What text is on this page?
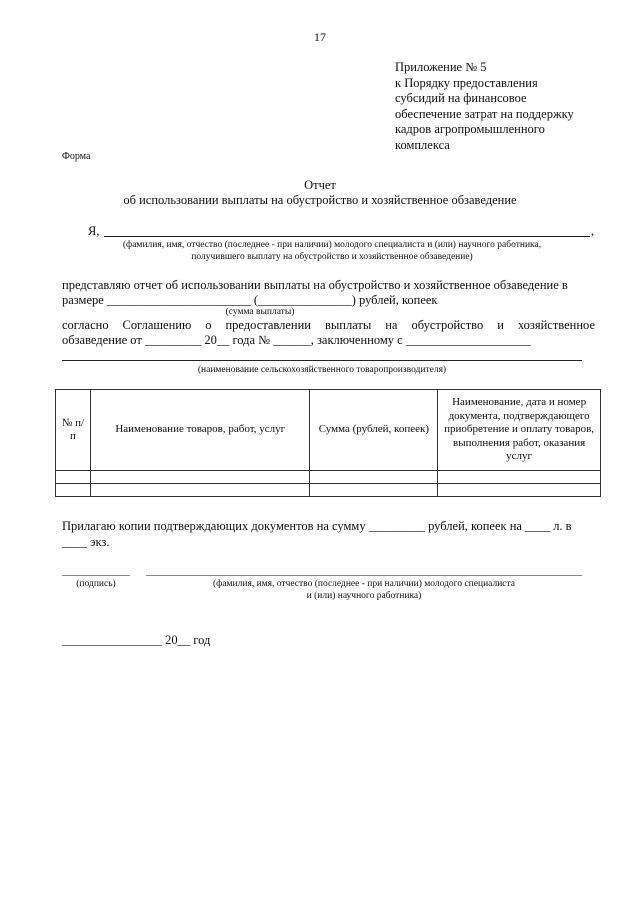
17
Приложение № 5
к Порядку предоставления
субсидий на финансовое
обеспечение затрат на поддержку
кадров агропромышленного
комплекса
Форма
Отчет
об использовании выплаты на обустройство и хозяйственное обзаведение
Я,	,
(фамилия, имя, отчество (последнее - при наличии) молодого специалиста и (или) научного работника,
получившего выплату на обустройство и хозяйственное обзаведение)
представляю отчет об использовании выплаты на обустройство и хозяйственное обзаведение в
размере _______________________ (_______________) рублей, копеек
(сумма выплаты)
согласно Соглашению о предоставлении выплаты на обустройство и хозяйственное
обзаведение от _________ 20__ года № ______, заключенному с ____________________
(наименование сельскохозяйственного товаропроизводителя)
№ п/п	Наименование товаров, работ, услуг	Сумма (рублей, копеек)	Наименование, дата и номер документа, подтверждающего приобретение и оплату товаров, выполнения работ, оказания услуг

Прилагаю копии подтверждающих документов на сумму _________ рублей, копеек на ____ л. в
____ экз.
(подпись)	(фамилия, имя, отчество (последнее - при наличии) молодого специалиста
и (или) научного работника)
________________ 20__ год
